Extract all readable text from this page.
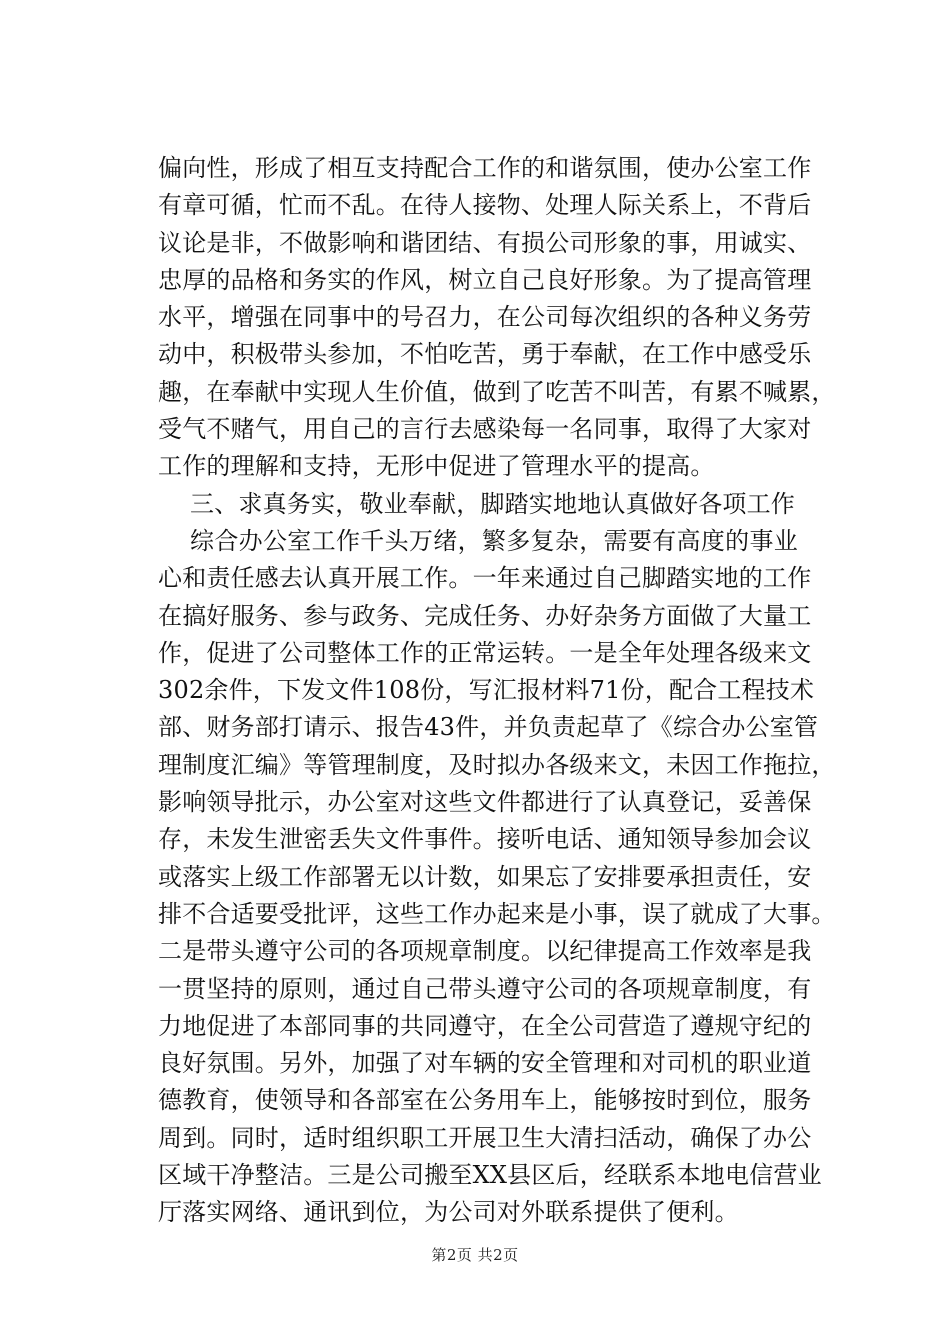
偏向性，形成了相互支持配合工作的和谐氛围，使办公室工作
有章可循，忙而不乱。在待人接物、处理人际关系上，不背后
议论是非，不做影响和谐团结、有损公司形象的事，用诚实、
忠厚的品格和务实的作风，树立自己良好形象。为了提高管理
水平，增强在同事中的号召力，在公司每次组织的各种义务劳
动中，积极带头参加，不怕吃苦，勇于奉献，在工作中感受乐
趣，在奉献中实现人生价值，做到了吃苦不叫苦，有累不喊累，
受气不赌气，用自己的言行去感染每一名同事，取得了大家对
工作的理解和支持，无形中促进了管理水平的提高。
三、求真务实，敬业奉献，脚踏实地地认真做好各项工作
综合办公室工作千头万绪，繁多复杂，需要有高度的事业
心和责任感去认真开展工作。一年来通过自己脚踏实地的工作
在搞好服务、参与政务、完成任务、办好杂务方面做了大量工
作，促进了公司整体工作的正常运转。一是全年处理各级来文
302余件，下发文件108份，写汇报材料71份，配合工程技术
部、财务部打请示、报告43件，并负责起草了《综合办公室管
理制度汇编》等管理制度，及时拟办各级来文，未因工作拖拉，
影响领导批示，办公室对这些文件都进行了认真登记，妥善保
存，未发生泄密丢失文件事件。接听电话、通知领导参加会议
或落实上级工作部署无以计数，如果忘了安排要承担责任，安
排不合适要受批评，这些工作办起来是小事，误了就成了大事。
二是带头遵守公司的各项规章制度。以纪律提高工作效率是我
一贯坚持的原则，通过自己带头遵守公司的各项规章制度，有
力地促进了本部同事的共同遵守，在全公司营造了遵规守纪的
良好氛围。另外，加强了对车辆的安全管理和对司机的职业道
德教育，使领导和各部室在公务用车上，能够按时到位，服务
周到。同时，适时组织职工开展卫生大清扫活动，确保了办公
区域干净整洁。三是公司搬至XX县区后，经联系本地电信营业
厅落实网络、通讯到位，为公司对外联系提供了便利。
第2页 共2页
